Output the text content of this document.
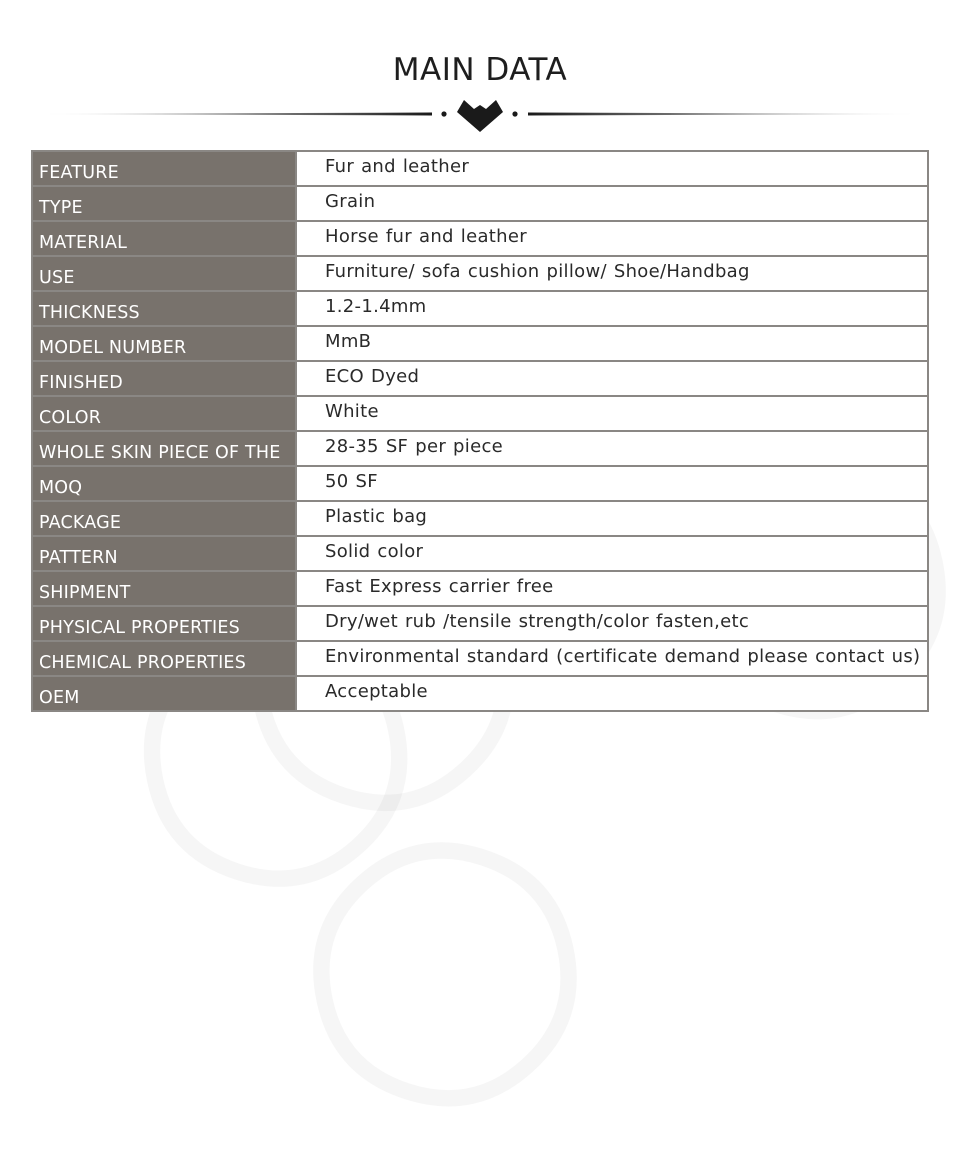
MAIN DATA
FEATURE	Fur and leather
TYPE	Grain
MATERIAL	Horse fur and leather
USE	Furniture/ sofa cushion pillow/ Shoe/Handbag
THICKNESS	1.2-1.4mm
MODEL NUMBER	MmB
FINISHED	ECO Dyed
COLOR	White
WHOLE SKIN PIECE OF THE	28-35 SF per piece
MOQ	50 SF
PACKAGE	Plastic bag
PATTERN	Solid color
SHIPMENT	Fast Express carrier free
PHYSICAL PROPERTIES	Dry/wet rub /tensile strength/color fasten,etc
CHEMICAL PROPERTIES	Environmental standard (certificate demand please contact us)
OEM	Acceptable
